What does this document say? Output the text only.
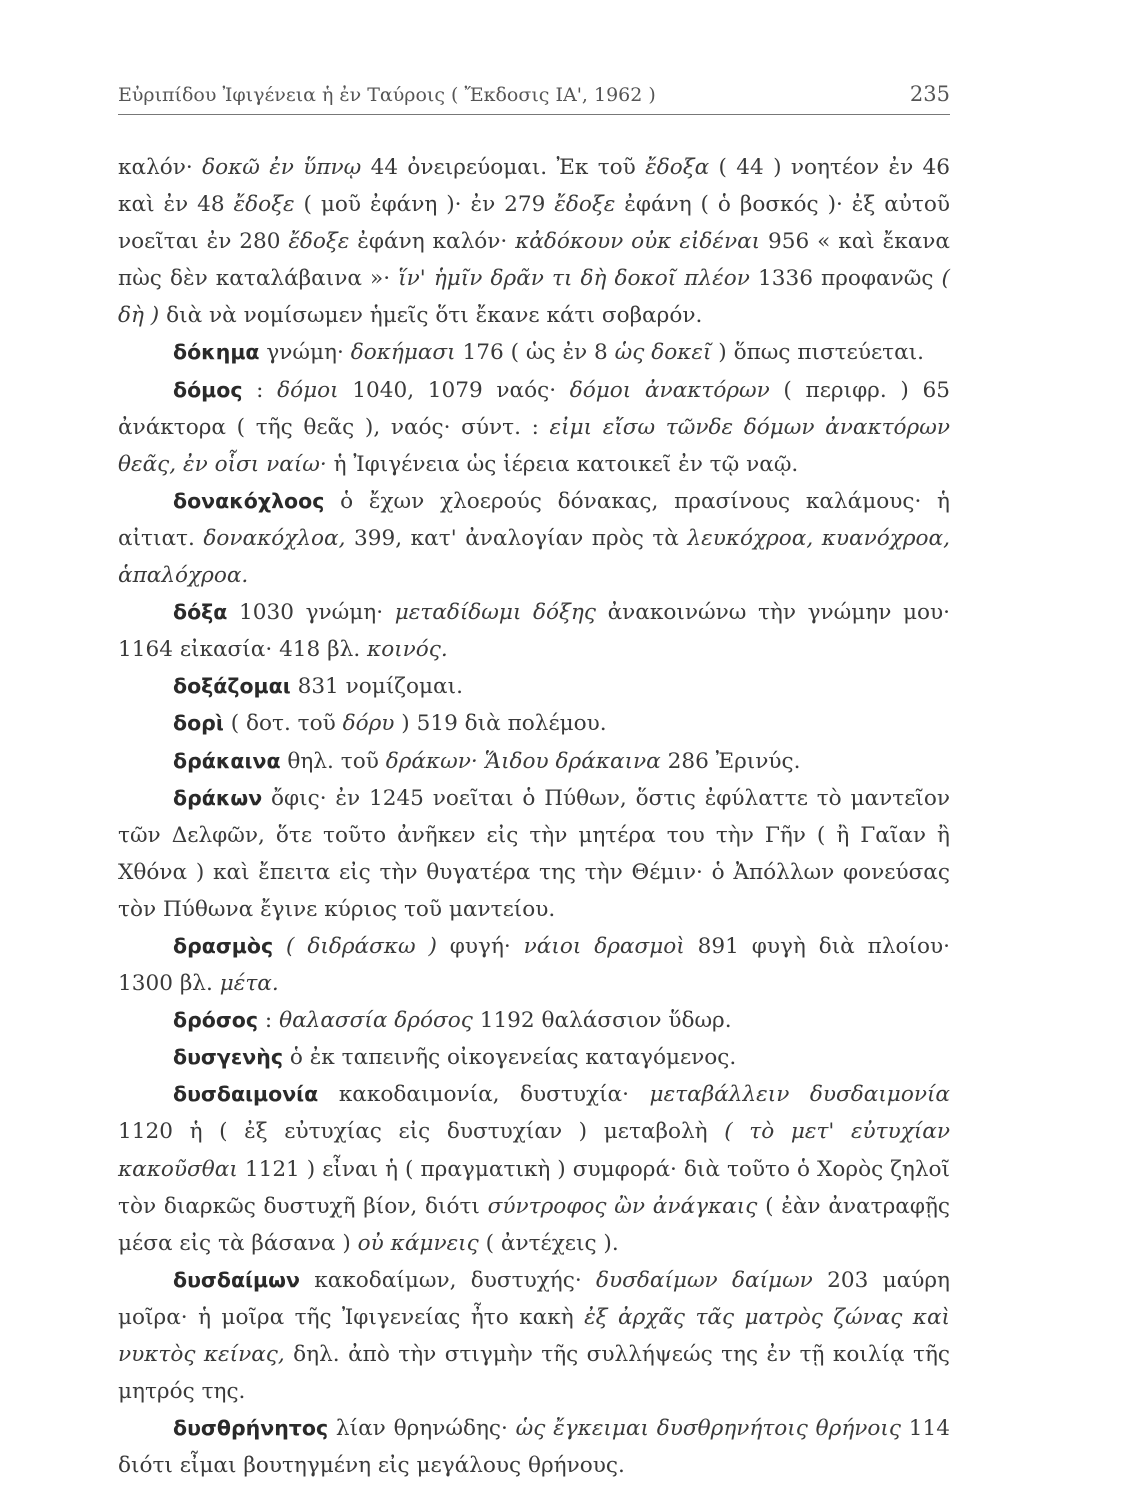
Εὐριπίδου Ἰφιγένεια ἡ ἐν Ταύροις ( Ἔκδοσις ΙΑ', 1962 )	235

καλόν· δοκῶ ἐν ὕπνῳ 44 ὀνειρεύομαι. Ἐκ τοῦ ἔδοξα ( 44 ) νοητέον ἐν 46 καὶ ἐν 48 ἔδοξε ( μοῦ ἐφάνη )· ἐν 279 ἔδοξε ἐφάνη ( ὁ βοσκός )· ἐξ αὐτοῦ νοεῖται ἐν 280 ἔδοξε ἐφάνη καλόν· κἀδόκουν οὐκ εἰδέναι 956 « καὶ ἔκανα πὼς δὲν καταλάβαινα »· ἵν' ἡμῖν δρᾶν τι δὴ δοκοῖ πλέον 1336 προφανῶς ( δὴ ) διὰ νὰ νομίσωμεν ἡμεῖς ὅτι ἔκανε κάτι σοβαρόν.

δόκημα γνώμη· δοκήμασι 176 ( ὡς ἐν 8 ὡς δοκεῖ ) ὅπως πιστεύεται.

δόμος : δόμοι 1040, 1079 ναός· δόμοι ἀνακτόρων ( περιφρ. ) 65 ἀνάκτορα ( τῆς θεᾶς ), ναός· σύντ. : εἰμι εἴσω τῶνδε δόμων ἀνακτόρων θεᾶς, ἐν οἷσι ναίω· ἡ Ἰφιγένεια ὡς ἱέρεια κατοικεῖ ἐν τῷ ναῷ.

δονακόχλοος ὁ ἔχων χλοερούς δόνακας, πρασίνους καλάμους· ἡ αἰτιατ. δονακόχλοα, 399, κατ' ἀναλογίαν πρὸς τὰ λευκόχροα, κυανόχροα, ἁπαλόχροα.

δόξα 1030 γνώμη· μεταδίδωμι δόξης ἀνακοινώνω τὴν γνώμην μου· 1164 εἰκασία· 418 βλ. κοινός.

δοξάζομαι 831 νομίζομαι.

δορὶ ( δοτ. τοῦ δόρυ ) 519 διὰ πολέμου.

δράκαινα θηλ. τοῦ δράκων· Ἅιδου δράκαινα 286 Ἐρινύς.

δράκων ὄφις· ἐν 1245 νοεῖται ὁ Πύθων, ὅστις ἐφύλαττε τὸ μαντεῖον τῶν Δελφῶν, ὅτε τοῦτο ἀνῆκεν εἰς τὴν μητέρα του τὴν Γῆν ( ἢ Γαῖαν ἢ Χθόνα ) καὶ ἔπειτα εἰς τὴν θυγατέρα της τὴν Θέμιν· ὁ Ἀπόλλων φονεύσας τὸν Πύθωνα ἔγινε κύριος τοῦ μαντείου.

δρασμὸς ( διδράσκω ) φυγή· νάιοι δρασμοὶ 891 φυγὴ διὰ πλοίου· 1300 βλ. μέτα.

δρόσος : θαλασσία δρόσος 1192 θαλάσσιον ὕδωρ.

δυσγενὴς ὁ ἐκ ταπεινῆς οἰκογενείας καταγόμενος.

δυσδαιμονία κακοδαιμονία, δυστυχία· μεταβάλλειν δυσδαιμονία 1120 ἡ ( ἐξ εὐτυχίας εἰς δυστυχίαν ) μεταβολὴ ( τὸ μετ' εὐτυχίαν κακοῦσθαι 1121 ) εἶναι ἡ ( πραγματικὴ ) συμφορά· διὰ τοῦτο ὁ Χορὸς ζηλοῖ τὸν διαρκῶς δυστυχῆ βίον, διότι σύντροφος ὢν ἀνάγκαις ( ἐὰν ἀνατραφῇς μέσα εἰς τὰ βάσανα ) οὐ κάμνεις ( ἀντέχεις ).

δυσδαίμων κακοδαίμων, δυστυχής· δυσδαίμων δαίμων 203 μαύρη μοῖρα· ἡ μοῖρα τῆς Ἰφιγενείας ἦτο κακὴ ἐξ ἀρχᾶς τᾶς ματρὸς ζώνας καὶ νυκτὸς κείνας, δηλ. ἀπὸ τὴν στιγμὴν τῆς συλλήψεώς της ἐν τῇ κοιλίᾳ τῆς μητρός της.

δυσθρήνητος λίαν θρηνώδης· ὡς ἔγκειμαι δυσθρηνήτοις θρήνοις 114 διότι εἶμαι βουτηγμένη εἰς μεγάλους θρήνους.
